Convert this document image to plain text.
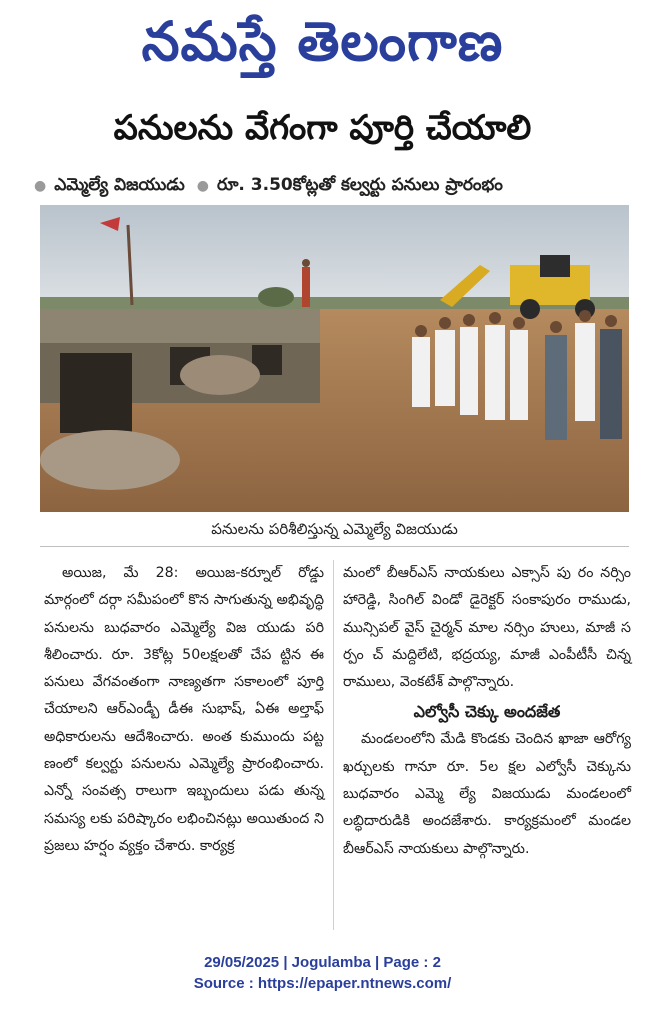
నమస్తే తెలంగాణ
పనులను వేగంగా పూర్తి చేయాలి
● ఎమ్మెల్యే విజయుడు ● రూ. 3.50కోట్లతో కల్వర్టు పనులు ప్రారంభం
పనులను పరిశీలిస్తున్న ఎమ్మెల్యే విజయుడు

అయిజ, మే 28: అయిజ-కర్నూల్ రోడ్డు మార్గంలో దర్గా సమీపంలో కొన సాగుతున్న అభివృద్ధి పనులను బుధవారం ఎమ్మెల్యే విజ యుడు పరి శీలించారు. రూ. 3కోట్ల 50లక్షలతో చేప ట్టిన ఈ పనులు వేగవంతంగా నాణ్యతగా సకాలంలో పూర్తి చేయాలని ఆర్ఎండ్బీ డీఈ సుభాష్, ఏఈ అల్తాఫ్ అధికారులను ఆదేశించారు. అంత కుముందు పట్ట ణంలో కల్వర్టు పనులను ఎమ్మెల్యే ప్రారంభించారు. ఎన్నో సంవత్స రాలుగా ఇబ్బందులు పడు తున్న సమస్య లకు పరిష్కారం లభించినట్లు అయితుంద ని ప్రజలు హర్షం వ్యక్తం చేశారు. కార్యక్ర

మంలో బీఆర్ఎస్ నాయకులు ఎక్సాస్ పు రం నర్సిం హారెడ్డి, సింగిల్ విండో డైరెక్టర్ సంకాపురం రాముడు, మున్సిపల్ వైస్ చైర్మన్ మాల నర్సిం హులు, మాజీ స ర్పం చ్ మద్దిలేటి, భద్రయ్య, మాజీ ఎంపీటీసీ చిన్న రాములు, వెంకటేశ్ పాల్గొన్నారు.

ఎల్వోసీ చెక్కు అందజేత

మండలంలోని మేడి కొండకు చెందిన ఖాజా ఆరోగ్య ఖర్చులకు గానూ రూ. 5ల క్షల ఎల్వోసీ చెక్కును బుధవారం ఎమ్మె ల్యే విజయుడు మండలంలో లబ్ధిదారుడికి అందజేశారు. కార్యక్రమంలో మండల బీఆర్ఎస్ నాయకులు పాల్గొన్నారు.

29/05/2025 | Jogulamba | Page : 2
Source : https://epaper.ntnews.com/
